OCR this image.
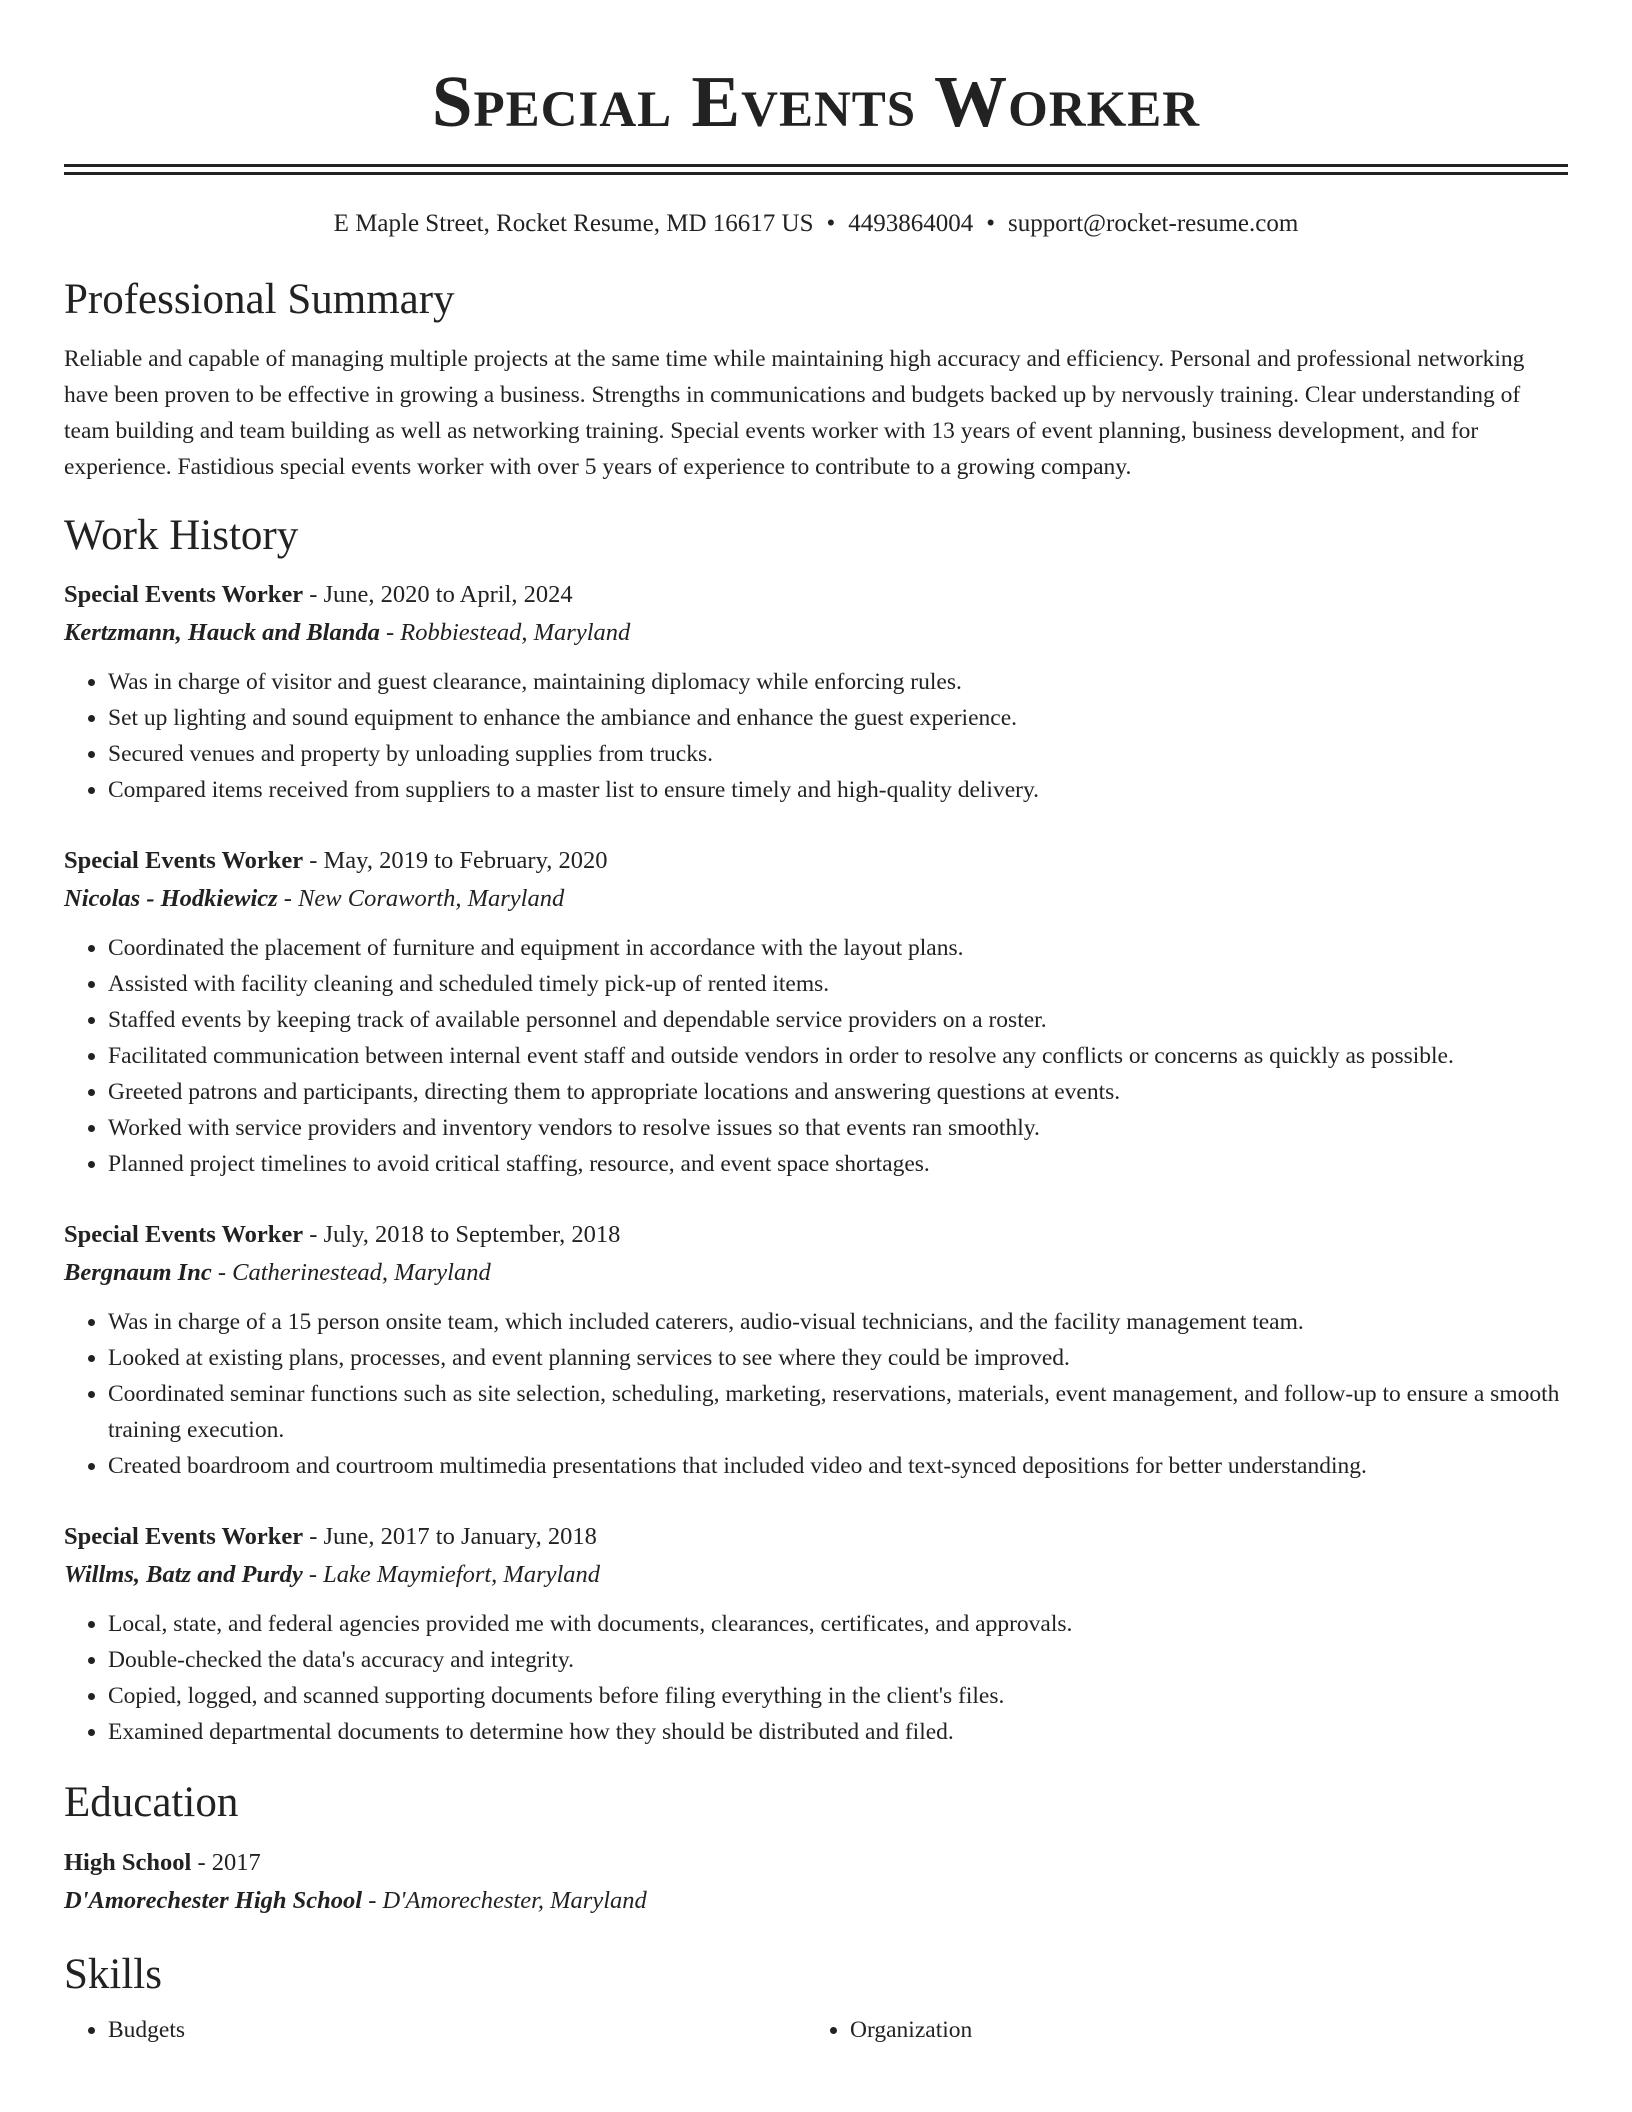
Special Events Worker
E Maple Street, Rocket Resume, MD 16617 US • 4493864004 • support@rocket-resume.com
Professional Summary
Reliable and capable of managing multiple projects at the same time while maintaining high accuracy and efficiency. Personal and professional networking have been proven to be effective in growing a business. Strengths in communications and budgets backed up by nervously training. Clear understanding of team building and team building as well as networking training. Special events worker with 13 years of event planning, business development, and for experience. Fastidious special events worker with over 5 years of experience to contribute to a growing company.
Work History
Special Events Worker - June, 2020 to April, 2024
Kertzmann, Hauck and Blanda - Robbiestead, Maryland
• Was in charge of visitor and guest clearance, maintaining diplomacy while enforcing rules.
• Set up lighting and sound equipment to enhance the ambiance and enhance the guest experience.
• Secured venues and property by unloading supplies from trucks.
• Compared items received from suppliers to a master list to ensure timely and high-quality delivery.
Special Events Worker - May, 2019 to February, 2020
Nicolas - Hodkiewicz - New Coraworth, Maryland
• Coordinated the placement of furniture and equipment in accordance with the layout plans.
• Assisted with facility cleaning and scheduled timely pick-up of rented items.
• Staffed events by keeping track of available personnel and dependable service providers on a roster.
• Facilitated communication between internal event staff and outside vendors in order to resolve any conflicts or concerns as quickly as possible.
• Greeted patrons and participants, directing them to appropriate locations and answering questions at events.
• Worked with service providers and inventory vendors to resolve issues so that events ran smoothly.
• Planned project timelines to avoid critical staffing, resource, and event space shortages.
Special Events Worker - July, 2018 to September, 2018
Bergnaum Inc - Catherinestead, Maryland
• Was in charge of a 15 person onsite team, which included caterers, audio-visual technicians, and the facility management team.
• Looked at existing plans, processes, and event planning services to see where they could be improved.
• Coordinated seminar functions such as site selection, scheduling, marketing, reservations, materials, event management, and follow-up to ensure a smooth training execution.
• Created boardroom and courtroom multimedia presentations that included video and text-synced depositions for better understanding.
Special Events Worker - June, 2017 to January, 2018
Willms, Batz and Purdy - Lake Maymiefort, Maryland
• Local, state, and federal agencies provided me with documents, clearances, certificates, and approvals.
• Double-checked the data's accuracy and integrity.
• Copied, logged, and scanned supporting documents before filing everything in the client's files.
• Examined departmental documents to determine how they should be distributed and filed.
Education
High School - 2017
D'Amorechester High School - D'Amorechester, Maryland
Skills
• Budgets
•	Organization
